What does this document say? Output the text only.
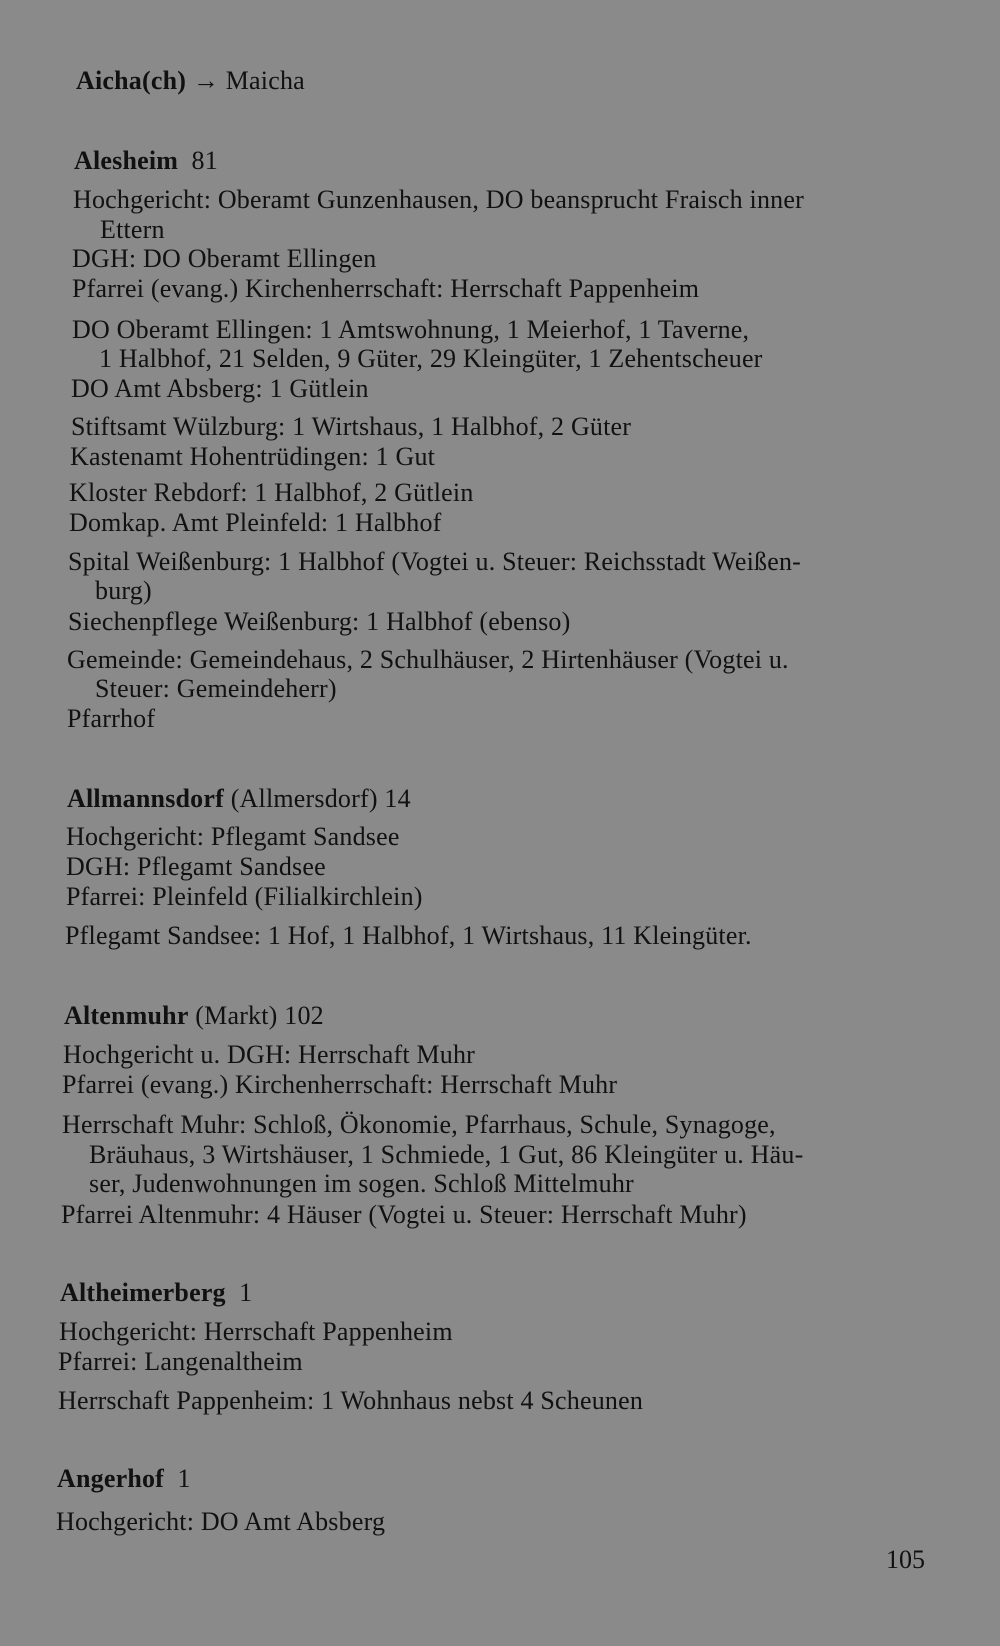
Aicha(ch) → Maicha
Alesheim 81
Hochgericht: Oberamt Gunzenhausen, DO beansprucht Fraisch inner
Ettern
DGH: DO Oberamt Ellingen
Pfarrei (evang.) Kirchenherrschaft: Herrschaft Pappenheim
DO Oberamt Ellingen: 1 Amtswohnung, 1 Meierhof, 1 Taverne,
1 Halbhof, 21 Selden, 9 Güter, 29 Kleingüter, 1 Zehentscheuer
DO Amt Absberg: 1 Gütlein
Stiftsamt Wülzburg: 1 Wirtshaus, 1 Halbhof, 2 Güter
Kastenamt Hohentrüdingen: 1 Gut
Kloster Rebdorf: 1 Halbhof, 2 Gütlein
Domkap. Amt Pleinfeld: 1 Halbhof
Spital Weißenburg: 1 Halbhof (Vogtei u. Steuer: Reichsstadt Weißen-
burg)
Siechenpflege Weißenburg: 1 Halbhof (ebenso)
Gemeinde: Gemeindehaus, 2 Schulhäuser, 2 Hirtenhäuser (Vogtei u.
Steuer: Gemeindeherr)
Pfarrhof
Allmannsdorf (Allmersdorf) 14
Hochgericht: Pflegamt Sandsee
DGH: Pflegamt Sandsee
Pfarrei: Pleinfeld (Filialkirchlein)
Pflegamt Sandsee: 1 Hof, 1 Halbhof, 1 Wirtshaus, 11 Kleingüter.
Altenmuhr (Markt) 102
Hochgericht u. DGH: Herrschaft Muhr
Pfarrei (evang.) Kirchenherrschaft: Herrschaft Muhr
Herrschaft Muhr: Schloß, Ökonomie, Pfarrhaus, Schule, Synagoge,
Bräuhaus, 3 Wirtshäuser, 1 Schmiede, 1 Gut, 86 Kleingüter u. Häu-
ser, Judenwohnungen im sogen. Schloß Mittelmuhr
Pfarrei Altenmuhr: 4 Häuser (Vogtei u. Steuer: Herrschaft Muhr)
Altheimerberg 1
Hochgericht: Herrschaft Pappenheim
Pfarrei: Langenaltheim
Herrschaft Pappenheim: 1 Wohnhaus nebst 4 Scheunen
Angerhof 1
Hochgericht: DO Amt Absberg
105
